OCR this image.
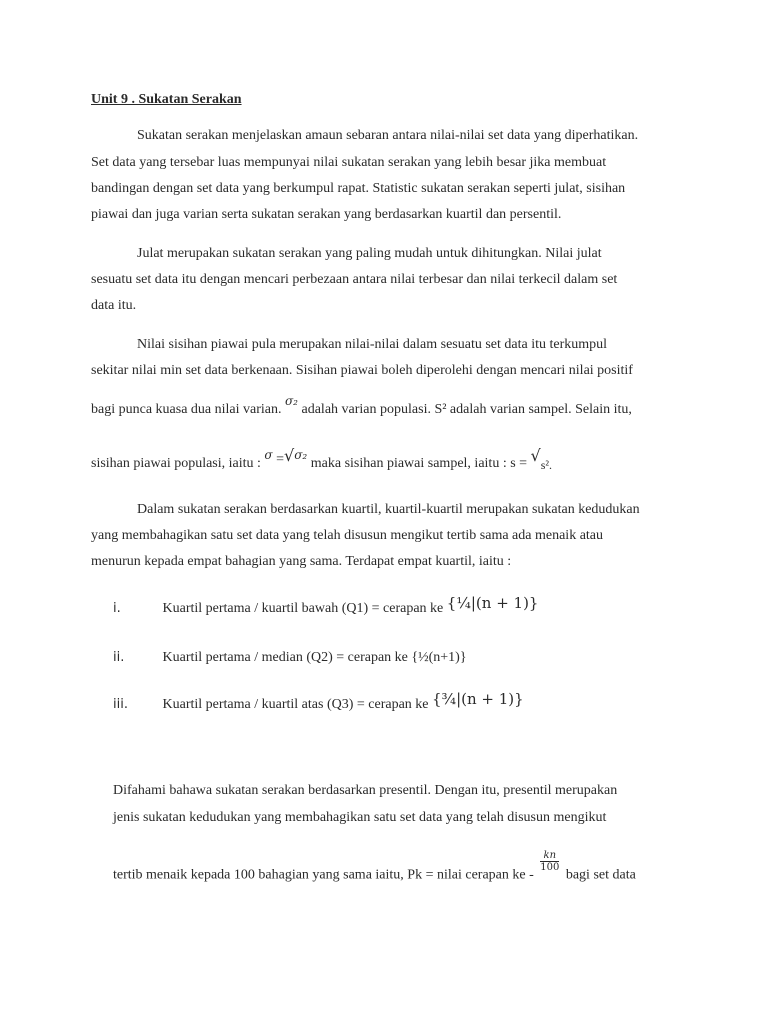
Unit 9 . Sukatan Serakan
Sukatan serakan menjelaskan amaun sebaran antara nilai-nilai set data yang diperhatikan.
Set data yang tersebar luas mempunyai nilai sukatan serakan yang lebih besar jika membuat
bandingan dengan set data yang berkumpul rapat. Statistic sukatan serakan seperti julat, sisihan
piawai dan juga varian serta sukatan serakan yang berdasarkan kuartil dan persentil.
Julat merupakan sukatan serakan yang paling mudah untuk dihitungkan. Nilai julat
sesuatu set data itu dengan mencari perbezaan antara nilai terbesar dan nilai terkecil dalam set
data itu.
Nilai sisihan piawai pula merupakan nilai-nilai dalam sesuatu set data itu terkumpul
sekitar nilai min set data berkenaan. Sisihan piawai boleh diperolehi dengan mencari nilai positif
bagi punca kuasa dua nilai varian. σ₂ adalah varian populasi. S² adalah varian sampel. Selain itu,
sisihan piawai populasi, iaitu : σ =√σ₂ maka sisihan piawai sampel, iaitu : s = √s².
Dalam sukatan serakan berdasarkan kuartil, kuartil-kuartil merupakan sukatan kedudukan
yang membahagikan satu set data yang telah disusun mengikut tertib sama ada menaik atau
menurun kepada empat bahagian yang sama. Terdapat empat kuartil, iaitu :
i.	Kuartil pertama / kuartil bawah (Q1) = cerapan ke {¼|(n + 1)}
ii.	Kuartil pertama / median (Q2) = cerapan ke {½(n+1)}
iii. Kuartil pertama / kuartil atas (Q3) = cerapan ke {¾|(n + 1)}
Difahami bahawa sukatan serakan berdasarkan presentil. Dengan itu, presentil merupakan
jenis sukatan kedudukan yang membahagikan satu set data yang telah disusun mengikut
tertib menaik kepada 100 bahagian yang sama iaitu, Pk = nilai cerapan ke -
$\frac{kn}{100}$
bagi set data
